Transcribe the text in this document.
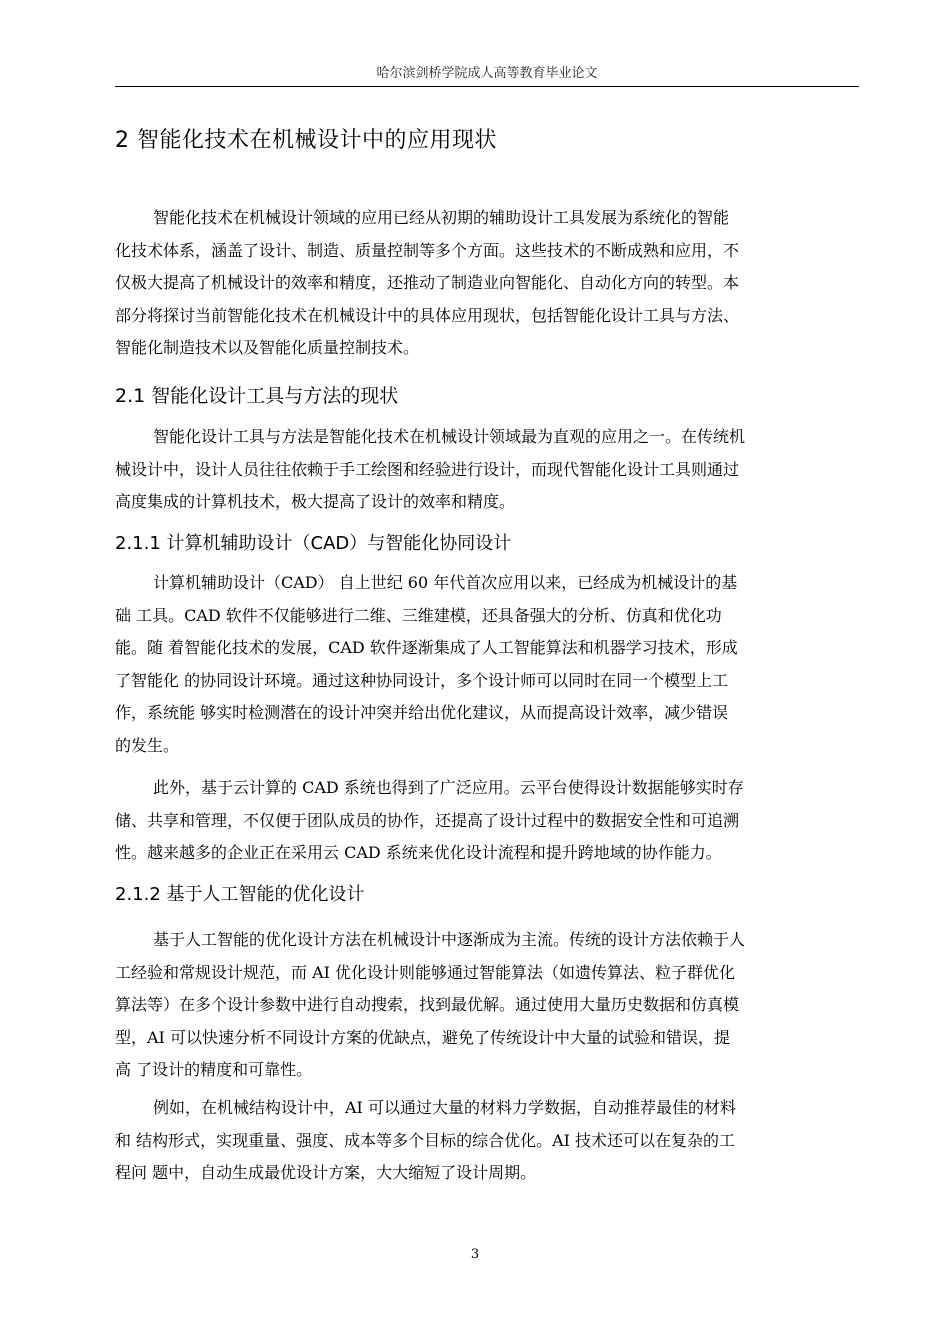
哈尔滨剑桥学院成人高等教育毕业论文
2 智能化技术在机械设计中的应用现状
智能化技术在机械设计领域的应用已经从初期的辅助设计工具发展为系统化的智能
化技术体系，涵盖了设计、制造、质量控制等多个方面。这些技术的不断成熟和应用，不
仅极大提高了机械设计的效率和精度，还推动了制造业向智能化、自动化方向的转型。本
部分将探讨当前智能化技术在机械设计中的具体应用现状，包括智能化设计工具与方法、
智能化制造技术以及智能化质量控制技术。
2.1 智能化设计工具与方法的现状
智能化设计工具与方法是智能化技术在机械设计领域最为直观的应用之一。在传统机
械设计中，设计人员往往依赖于手工绘图和经验进行设计，而现代智能化设计工具则通过
高度集成的计算机技术，极大提高了设计的效率和精度。
2.1.1 计算机辅助设计（CAD）与智能化协同设计
计算机辅助设计（CAD） 自上世纪 60 年代首次应用以来，已经成为机械设计的基
础 工具。CAD 软件不仅能够进行二维、三维建模，还具备强大的分析、仿真和优化功
能。随 着智能化技术的发展，CAD 软件逐渐集成了人工智能算法和机器学习技术，形成
了智能化 的协同设计环境。通过这种协同设计，多个设计师可以同时在同一个模型上工
作，系统能 够实时检测潜在的设计冲突并给出优化建议，从而提高设计效率，减少错误
的发生。
此外，基于云计算的 CAD 系统也得到了广泛应用。云平台使得设计数据能够实时存
储、共享和管理，不仅便于团队成员的协作，还提高了设计过程中的数据安全性和可追溯
性。越来越多的企业正在采用云 CAD 系统来优化设计流程和提升跨地域的协作能力。
2.1.2 基于人工智能的优化设计
基于人工智能的优化设计方法在机械设计中逐渐成为主流。传统的设计方法依赖于人
工经验和常规设计规范，而 AI 优化设计则能够通过智能算法（如遗传算法、粒子群优化
算法等）在多个设计参数中进行自动搜索，找到最优解。通过使用大量历史数据和仿真模
型，AI 可以快速分析不同设计方案的优缺点，避免了传统设计中大量的试验和错误，提
高 了设计的精度和可靠性。
例如，在机械结构设计中，AI 可以通过大量的材料力学数据，自动推荐最佳的材料
和 结构形式，实现重量、强度、成本等多个目标的综合优化。AI 技术还可以在复杂的工
程问 题中，自动生成最优设计方案，大大缩短了设计周期。
3
